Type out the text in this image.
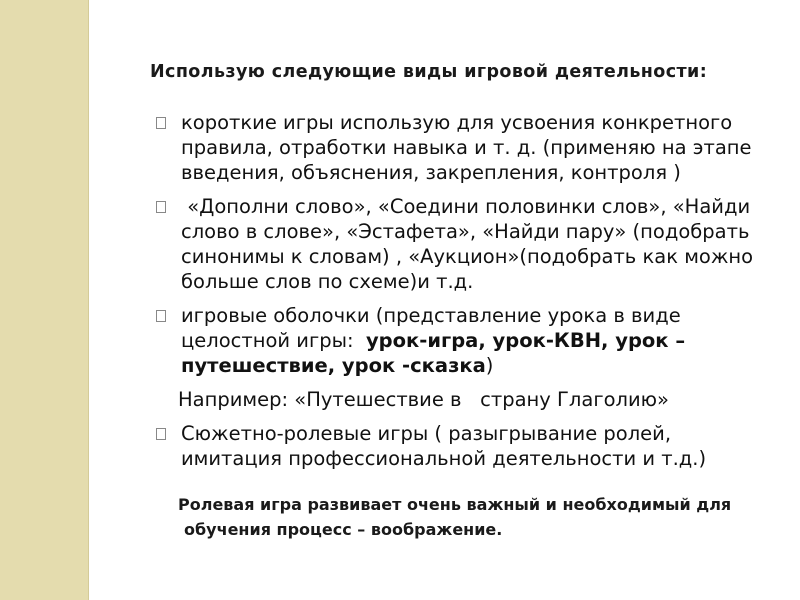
Использую следующие виды игровой деятельности:
короткие игры использую для усвоения конкретного
правила, отработки навыка и т. д. (применяю на этапе
введения, объяснения, закрепления, контроля )
«Дополни слово», «Соедини половинки слов», «Найди
слово в слове», «Эстафета», «Найди пару» (подобрать
синонимы к словам) , «Аукцион»(подобрать как можно
больше слов по схеме)и т.д.
игровые оболочки (представление урока в виде
целостной игры:  урок-игра, урок-КВН, урок –
путешествие, урок -сказка)
Например: «Путешествие в   страну Глаголию»
Сюжетно-ролевые игры ( разыгрывание ролей,
имитация профессиональной деятельности и т.д.)
Ролевая игра развивает очень важный и необходимый для
обучения процесс – воображение.
